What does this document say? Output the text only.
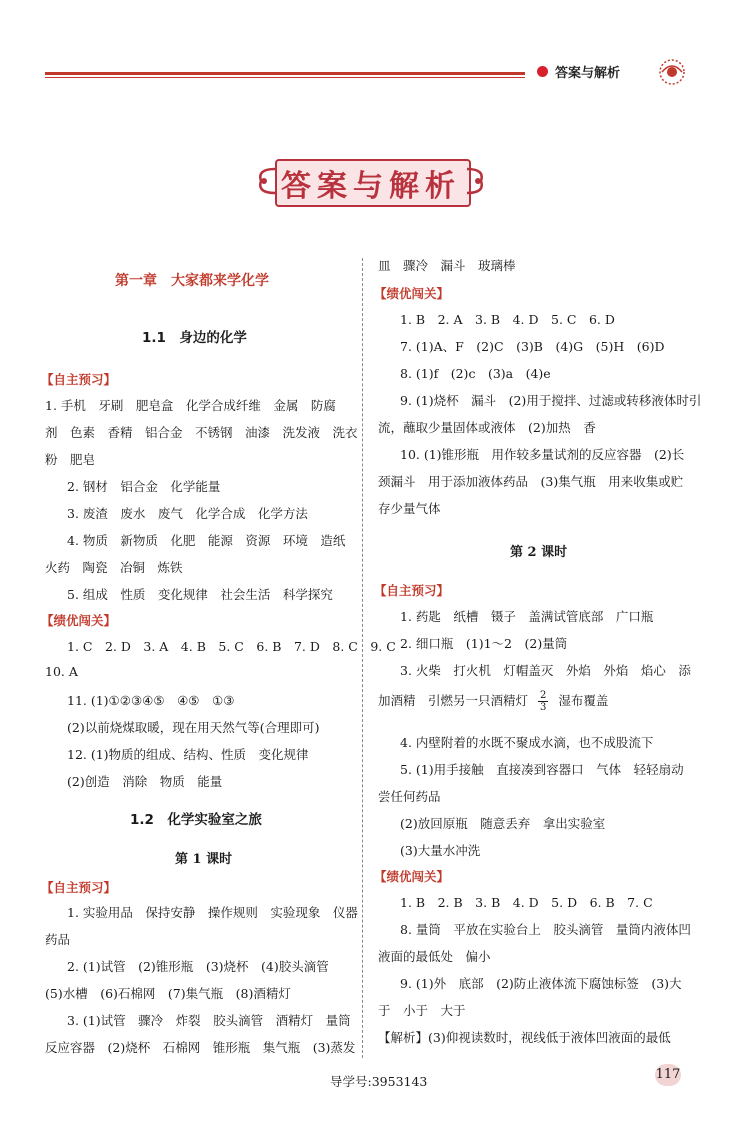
答案与解析
答案与解析
第一章　大家都来学化学
1.1　身边的化学
【自主预习】
1. 手机　牙刷　肥皂盒　化学合成纤维　金属　防腐
剂　色素　香精　铝合金　不锈钢　油漆　洗发液　洗衣
粉　肥皂
2. 钢材　铝合金　化学能量
3. 废渣　废水　废气　化学合成　化学方法
4. 物质　新物质　化肥　能源　资源　环境　造纸
火药　陶瓷　冶铜　炼铁
5. 组成　性质　变化规律　社会生活　科学探究
【绩优闯关】
1. C　2. D　3. A　4. B　5. C　6. B　7. D　8. C　9. C
10. A
11. (1)①②③④⑤　④⑤　①③
(2)以前烧煤取暖，现在用天然气等(合理即可)
12. (1)物质的组成、结构、性质　变化规律
(2)创造　消除　物质　能量
1.2　化学实验室之旅
第 1 课时
【自主预习】
1. 实验用品　保持安静　操作规则　实验现象　仪器
药品
2. (1)试管　(2)锥形瓶　(3)烧杯　(4)胶头滴管
(5)水槽　(6)石棉网　(7)集气瓶　(8)酒精灯
3. (1)试管　骤冷　炸裂　胶头滴管　酒精灯　量筒
反应容器　(2)烧杯　石棉网　锥形瓶　集气瓶　(3)蒸发
皿　骤冷　漏斗　玻璃棒
【绩优闯关】
1. B　2. A　3. B　4. D　5. C　6. D
7. (1)A、F　(2)C　(3)B　(4)G　(5)H　(6)D
8. (1)f　(2)c　(3)a　(4)e
9. (1)烧杯　漏斗　(2)用于搅拌、过滤或转移液体时引
流，蘸取少量固体或液体　(2)加热　香
10. (1)锥形瓶　用作较多量试剂的反应容器　(2)长
颈漏斗　用于添加液体药品　(3)集气瓶　用来收集或贮
存少量气体
第 2 课时
【自主预习】
1. 药匙　纸槽　镊子　盖满试管底部　广口瓶
2. 细口瓶　(1)1～2　(2)量筒
3. 火柴　打火机　灯帽盖灭　外焰　外焰　焰心　添
加酒精　引燃另一只酒精灯 $\frac{2}{3}$ 湿布覆盖
4. 内壁附着的水既不聚成水滴，也不成股流下
5. (1)用手接触　直接凑到容器口　气体　轻轻扇动
尝任何药品
(2)放回原瓶　随意丢弃　拿出实验室
(3)大量水冲洗
【绩优闯关】
1. B　2. B　3. B　4. D　5. D　6. B　7. C
8. 量筒　平放在实验台上　胶头滴管　量筒内液体凹
液面的最低处　偏小
9. (1)外　底部　(2)防止液体流下腐蚀标签　(3)大
于　小于　大于
【解析】(3)仰视读数时，视线低于液体凹液面的最低
导学号:3953143	117
